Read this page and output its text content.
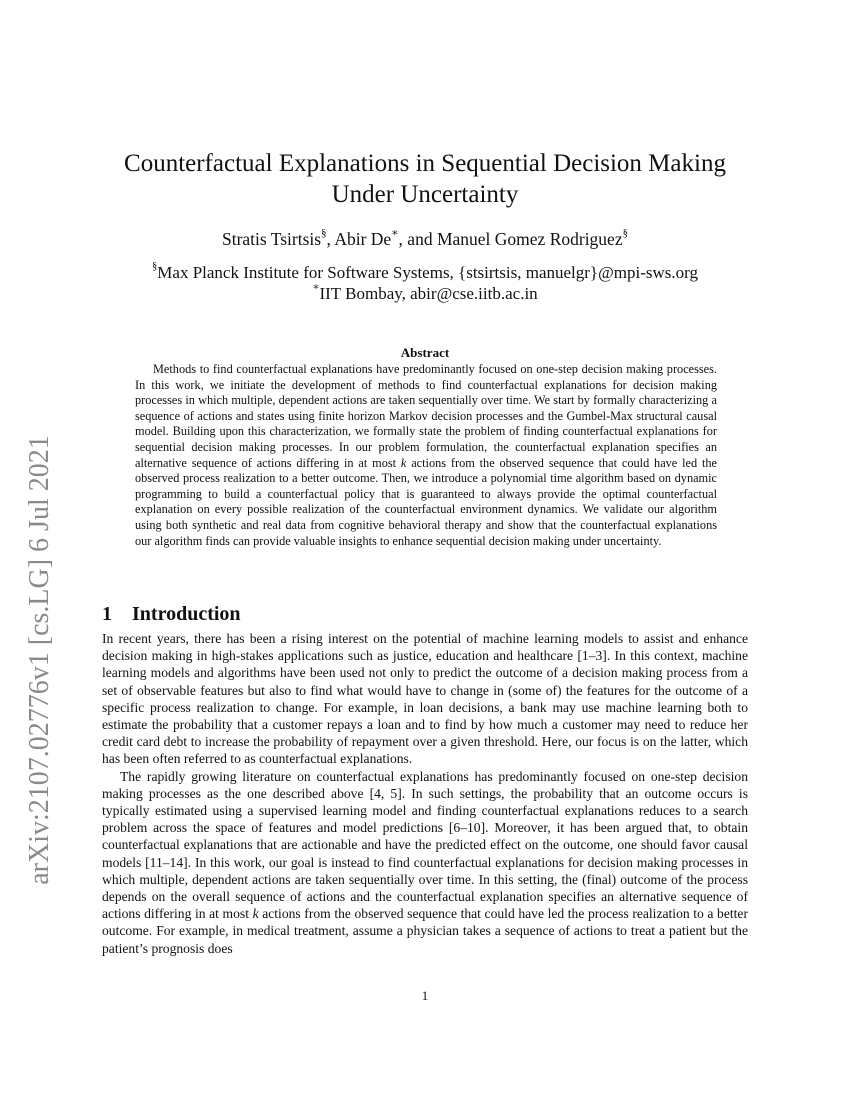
arXiv:2107.02776v1 [cs.LG] 6 Jul 2021
Counterfactual Explanations in Sequential Decision Making
Under Uncertainty
Stratis Tsirtsis§, Abir De∗, and Manuel Gomez Rodriguez§
§Max Planck Institute for Software Systems, {stsirtsis, manuelgr}@mpi-sws.org
∗IIT Bombay, abir@cse.iitb.ac.in
Abstract

Methods to find counterfactual explanations have predominantly focused on one-step decision making processes. In this work, we initiate the development of methods to find counterfactual explanations for decision making processes in which multiple, dependent actions are taken sequentially over time. We start by formally characterizing a sequence of actions and states using finite horizon Markov decision processes and the Gumbel-Max structural causal model. Building upon this characterization, we formally state the problem of finding counterfactual explanations for sequential decision making processes. In our problem formulation, the counterfactual explanation specifies an alternative sequence of actions differing in at most k actions from the observed sequence that could have led the observed process realization to a better outcome. Then, we introduce a polynomial time algorithm based on dynamic programming to build a counterfactual policy that is guaranteed to always provide the optimal counterfactual explanation on every possible realization of the counterfactual environment dynamics. We validate our algorithm using both synthetic and real data from cognitive behavioral therapy and show that the counterfactual explanations our algorithm finds can provide valuable insights to enhance sequential decision making under uncertainty.

1 Introduction

In recent years, there has been a rising interest on the potential of machine learning models to assist and enhance decision making in high-stakes applications such as justice, education and healthcare [1–3]. In this context, machine learning models and algorithms have been used not only to predict the outcome of a decision making process from a set of observable features but also to find what would have to change in (some of) the features for the outcome of a specific process realization to change. For example, in loan decisions, a bank may use machine learning both to estimate the probability that a customer repays a loan and to find by how much a customer may need to reduce her credit card debt to increase the probability of repayment over a given threshold. Here, our focus is on the latter, which has been often referred to as counterfactual explanations.

The rapidly growing literature on counterfactual explanations has predominantly focused on one-step decision making processes as the one described above [4, 5]. In such settings, the probability that an outcome occurs is typically estimated using a supervised learning model and finding counterfactual explanations reduces to a search problem across the space of features and model predictions [6–10]. Moreover, it has been argued that, to obtain counterfactual explanations that are actionable and have the predicted effect on the outcome, one should favor causal models [11–14]. In this work, our goal is instead to find counterfactual explanations for decision making processes in which multiple, dependent actions are taken sequentially over time. In this setting, the (final) outcome of the process depends on the overall sequence of actions and the counterfactual explanation specifies an alternative sequence of actions differing in at most k actions from the observed sequence that could have led the process realization to a better outcome. For example, in medical treatment, assume a physician takes a sequence of actions to treat a patient but the patient’s prognosis does

1
